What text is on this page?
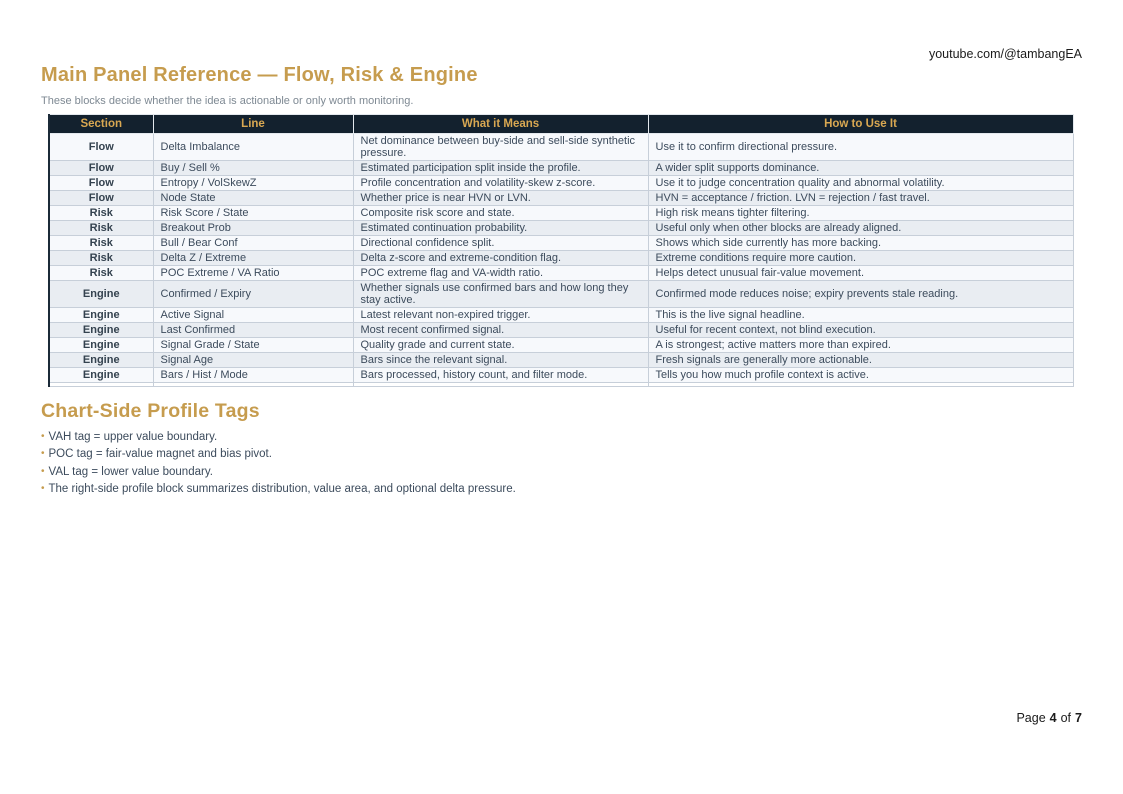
youtube.com/@tambangEA
Main Panel Reference — Flow, Risk & Engine

These blocks decide whether the idea is actionable or only worth monitoring.

Section	Line	What it Means	How to Use It
Flow	Delta Imbalance	Net dominance between buy-side and sell-side synthetic pressure.	Use it to confirm directional pressure.
Flow	Buy / Sell %	Estimated participation split inside the profile.	A wider split supports dominance.
Flow	Entropy / VolSkewZ	Profile concentration and volatility-skew z-score.	Use it to judge concentration quality and abnormal volatility.
Flow	Node State	Whether price is near HVN or LVN.	HVN = acceptance / friction. LVN = rejection / fast travel.
Risk	Risk Score / State	Composite risk score and state.	High risk means tighter filtering.
Risk	Breakout Prob	Estimated continuation probability.	Useful only when other blocks are already aligned.
Risk	Bull / Bear Conf	Directional confidence split.	Shows which side currently has more backing.
Risk	Delta Z / Extreme	Delta z-score and extreme-condition flag.	Extreme conditions require more caution.
Risk	POC Extreme / VA Ratio	POC extreme flag and VA-width ratio.	Helps detect unusual fair-value movement.
Engine	Confirmed / Expiry	Whether signals use confirmed bars and how long they stay active.	Confirmed mode reduces noise; expiry prevents stale reading.
Engine	Active Signal	Latest relevant non-expired trigger.	This is the live signal headline.
Engine	Last Confirmed	Most recent confirmed signal.	Useful for recent context, not blind execution.
Engine	Signal Grade / State	Quality grade and current state.	A is strongest; active matters more than expired.
Engine	Signal Age	Bars since the relevant signal.	Fresh signals are generally more actionable.
Engine	Bars / Hist / Mode	Bars processed, history count, and filter mode.	Tells you how much profile context is active.

Chart-Side Profile Tags
• VAH tag = upper value boundary.
• POC tag = fair-value magnet and bias pivot.
• VAL tag = lower value boundary.
• The right-side profile block summarizes distribution, value area, and optional delta pressure.
Page 4 of 7
